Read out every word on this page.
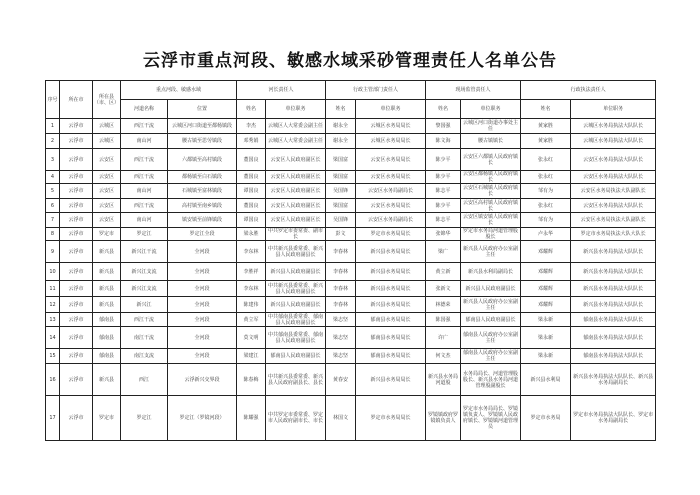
云浮市重点河段、敏感水域采砂管理责任人名单公告
序号	所在市	所在县（市、区）	重点河段、敏感水域		河长责任人		行政主管部门责任人		现场监管责任人		行政执法责任人	
			河道名称	位置	姓名	单位职务	姓名	单位职务	姓名	单位职务	姓名	单位职务
1	云浮市	云城区	西江干流	云城区河口街道至都杨镇段	李杰	云城区人大常委会副主任	谢永全	云城区水务局局长	黎国强	云城区河口街道办事处主任	黄家胜	云城区水务局执法大队队长
2	云浮市	云城区	南山河	腰古镇至思劳镇段	邓秀娟	云城区人大常委会副主任	谢永全	云城区水务局局长	陈文海	腰古镇镇长	黄家胜	云城区水务局执法大队队长
3	云浮市	云安区	西江干流	六都镇至高村镇段	董国良	云安区人民政府副区长	梁国富	云安区水务局局长	陈少平	云安区六都镇人民政府镇长	张永红	云安区水务局执法大队队长
4	云浮市	云安区	西江干流	都杨镇至白石镇段	董国良	云安区人民政府副区长	梁国富	云安区水务局局长	陈少平	云安区都杨镇人民政府镇长	张永红	云安区水务局执法大队队长
5	云浮市	云安区	南山河	石城镇至富林镇段	谭国良	云安区人民政府副区长	吴国锋	云安区水务局副局长	陈志平	云安区石城镇人民政府镇长	邹有为	云安区水务局执法大队副队长
6	云浮市	云安区	西江干流	高村镇至南乡镇段	董国良	云安区人民政府副区长	梁国富	云安区水务局局长	陈少平	云安区高村镇人民政府镇长	张永红	云安区水务局执法大队队长
7	云浮市	云安区	南山河	镇安镇至前锋镇段	谭国良	云安区人民政府副区长	吴国锋	云安区水务局副局长	陈志平	云安区镇安镇人民政府镇长	邹有为	云安区水务局执法大队副队长
8	云浮市	罗定市	罗定江	罗定江全段	梁永胜	中共罗定市委常委、副市长	彭文	罗定市水务局局长	张锦华	罗定市水务局河道管理股股长	卢永华	罗定市水务局执法大队大队长
9	云浮市	新兴县	新兴江干流	全河段	李东林	中共新兴县委常委、新兴县人民政府副县长	李春林	新兴县水务局局长	梁广	新兴县人民政府办公室副主任	邓耀辉	新兴县水务局执法大队队长
10	云浮市	新兴县	新兴江支流	全河段	李胜祥	新兴县人民政府副县长	李春林	新兴县水务局局长	黄立新	新兴县水利局副局长	邓耀辉	新兴县水务局执法大队队长
11	云浮市	新兴县	新兴江支流	全河段	李东林	中共新兴县委常委、新兴县人民政府副县长	李春林	新兴县水务局局长	张新文	新兴县人民政府副县长	邓耀辉	新兴县水务局执法大队队长
12	云浮市	新兴县	新兴江	全河段	陈建伟	新兴县人民政府副县长	李春林	新兴县水务局局长	林德荣	新兴县人民政府办公室副主任	邓耀辉	新兴县水务局执法大队队长
13	云浮市	郁南县	西江干流	全河段	黄立军	中共郁南县委常委、郁南县人民政府副县长	梁志坚	郁南县水务局局长	陈国强	郁南县人民政府副县长	梁永新	郁南县水务局执法大队队长
14	云浮市	郁南县	南江干流	全河段	莫文明	中共郁南县委常委、郁南县人民政府副县长	梁志坚	郁南县水务局局长	许广	郁南县人民政府办公室副主任	梁永新	郁南县水务局执法大队队长
15	云浮市	郁南县	南江支流	全河段	梁建江	郁南县人民政府副县长	梁志坚	郁南县水务局局长	何文杰	郁南县人民政府办公室副主任	梁永新	郁南县水务局执法大队队长
16	云浮市	新兴县	西江	云浮新兴交界段	陈春梅	中共新兴县委常委、新兴县人民政府副县长、县长	黄春安	新兴县水务局局长	新兴县水务局河道股	水务局局长、河道管理股股长、新兴县水务局河道管理股副股长	新兴县水利局	新兴县水务局执法大队队长、新兴县水务局副局长
17	云浮市	罗定市	罗定江	罗定江（罗镜河段）	陈耀强	中共罗定市委常委、罗定市人民政府副市长、市长	林国文	罗定市水务局局长	罗镜镇政府罗镜镇负责人	罗定市水务局局长、罗镜镇负责人、罗镜镇人民政府镇长、罗镜镇河道管理员	罗定市水务局	罗定市水务局执法大队队长、罗定市水务局副局长
